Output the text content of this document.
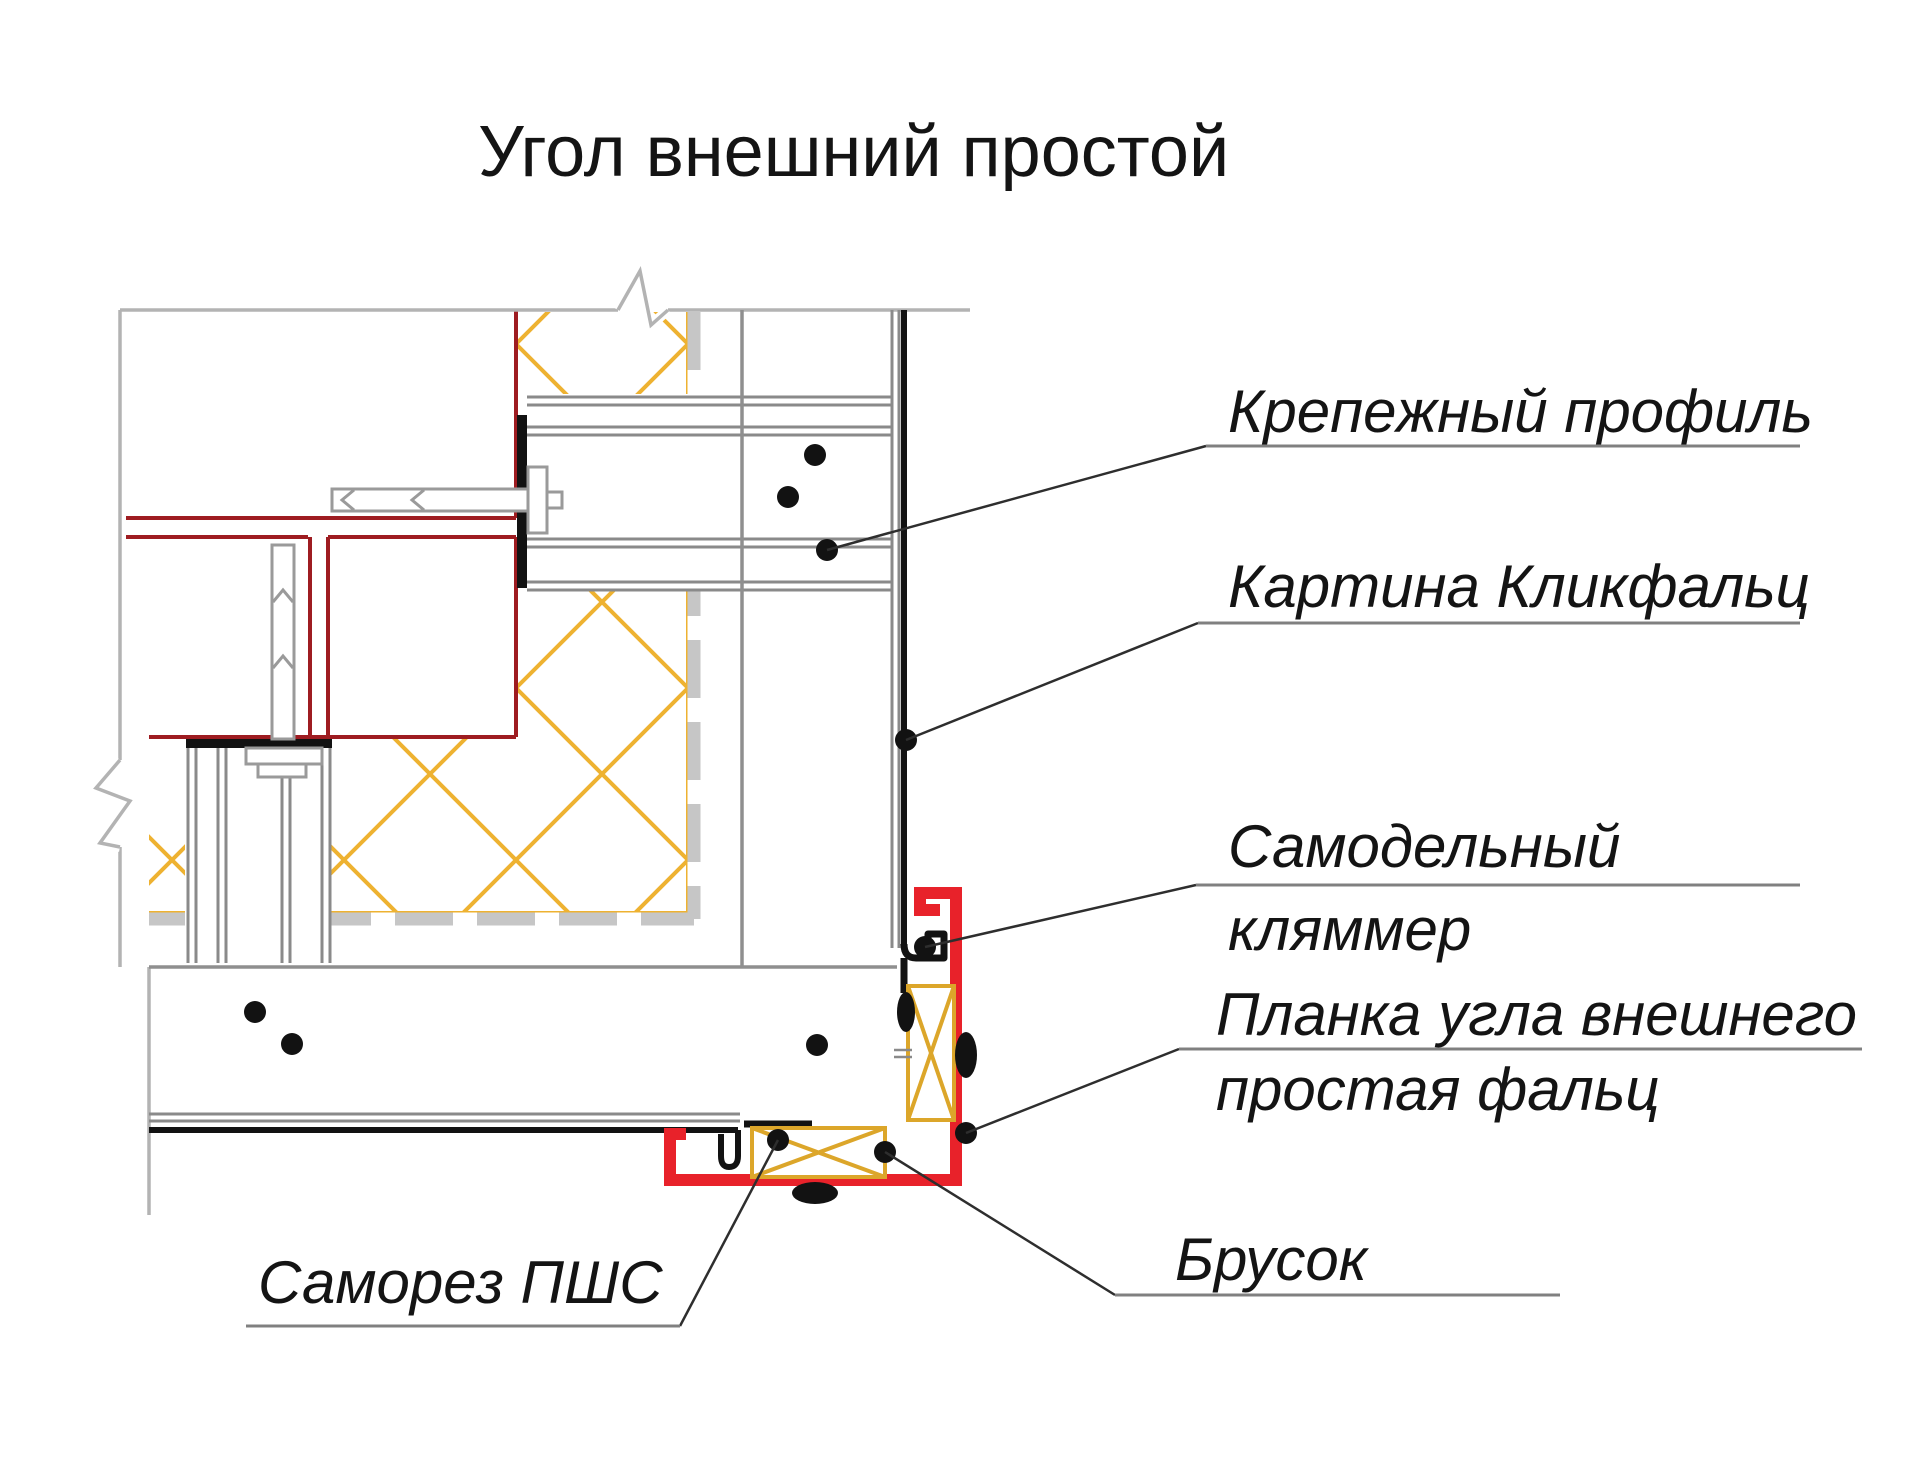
Угол внешний простой
Крепежный профиль
Картина Кликфальц
Самодельный
кляммер
Планка угла внешнего
простая фальц
Брусок
Саморез ПШС
